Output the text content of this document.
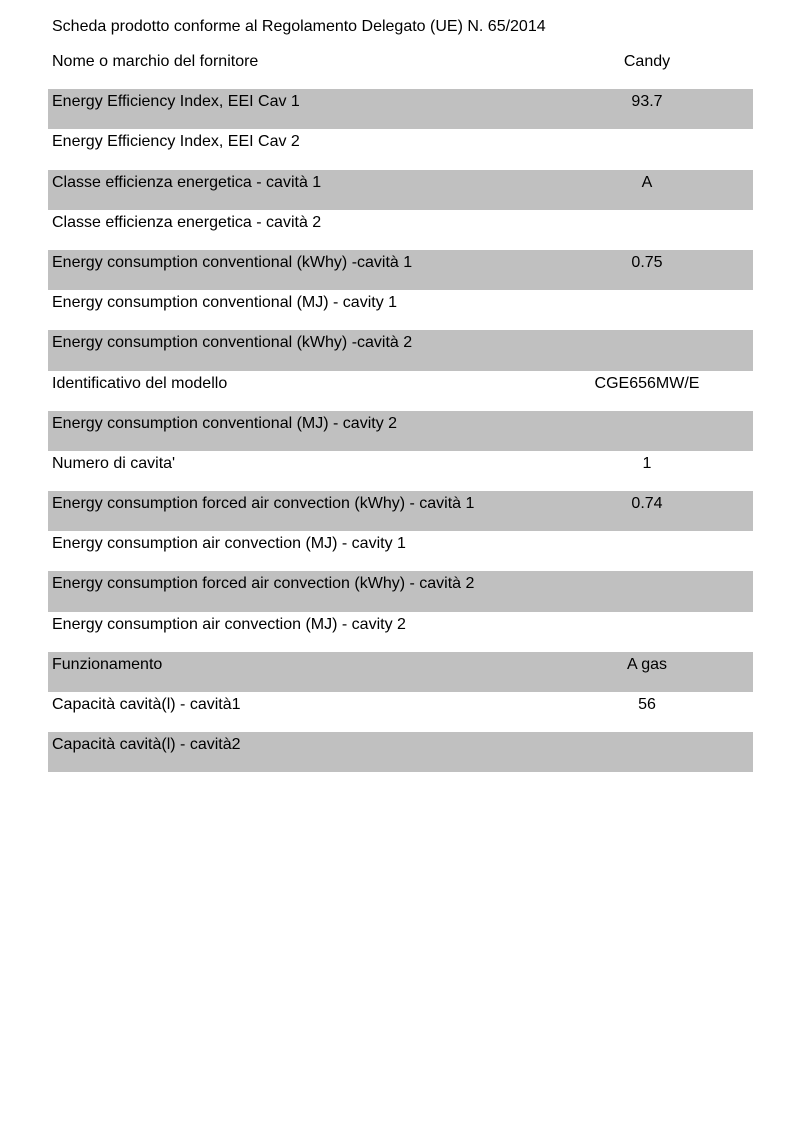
Scheda prodotto conforme al Regolamento Delegato (UE) N. 65/2014
Nome o marchio del fornitore	Candy
Energy Efficiency Index, EEI Cav 1	93.7
Energy Efficiency Index, EEI Cav 2
Classe efficienza energetica - cavità 1	A
Classe efficienza energetica - cavità 2
Energy consumption conventional (kWhy) -cavità 1	0.75
Energy consumption conventional (MJ) - cavity 1
Energy consumption conventional (kWhy) -cavità 2
Identificativo del modello	CGE656MW/E
Energy consumption conventional (MJ) - cavity 2
Numero di cavita'	1
Energy consumption forced air convection (kWhy) - cavità 1	0.74
Energy consumption air convection (MJ) - cavity 1
Energy consumption forced air convection (kWhy) - cavità 2
Energy consumption air convection (MJ) - cavity 2
Funzionamento	A gas
Capacità cavità(l) - cavità1	56
Capacità cavità(l) - cavità2
